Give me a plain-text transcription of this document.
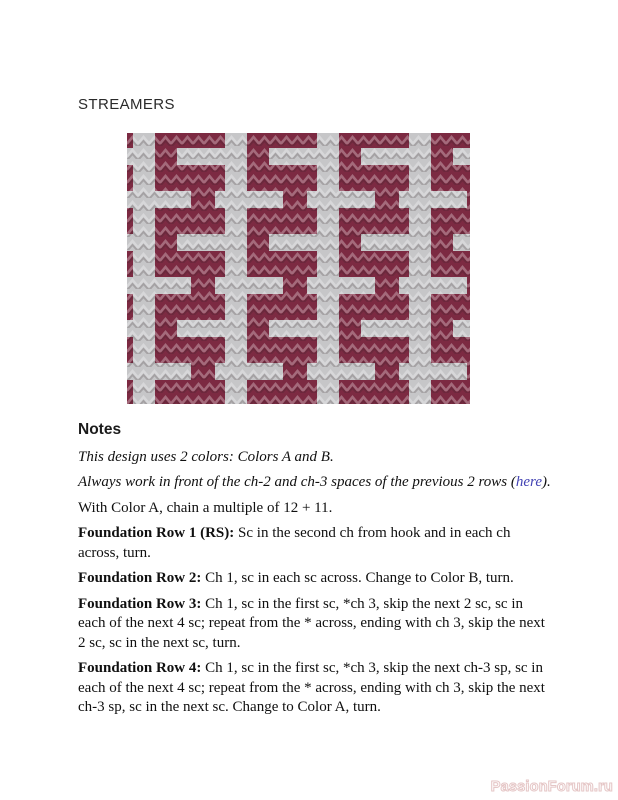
STREAMERS
Notes

This design uses 2 colors: Colors A and B.

Always work in front of the ch-2 and ch-3 spaces of the previous 2 rows (here).

With Color A, chain a multiple of 12 + 11.

Foundation Row 1 (RS): Sc in the second ch from hook and in each ch across, turn.

Foundation Row 2: Ch 1, sc in each sc across. Change to Color B, turn.

Foundation Row 3: Ch 1, sc in the first sc, *ch 3, skip the next 2 sc, sc in each of the next 4 sc; repeat from the * across, ending with ch 3, skip the next 2 sc, sc in the next sc, turn.

Foundation Row 4: Ch 1, sc in the first sc, *ch 3, skip the next ch-3 sp, sc in each of the next 4 sc; repeat from the * across, ending with ch 3, skip the next ch-3 sp, sc in the next sc. Change to Color A, turn.

PassionForum.ru
